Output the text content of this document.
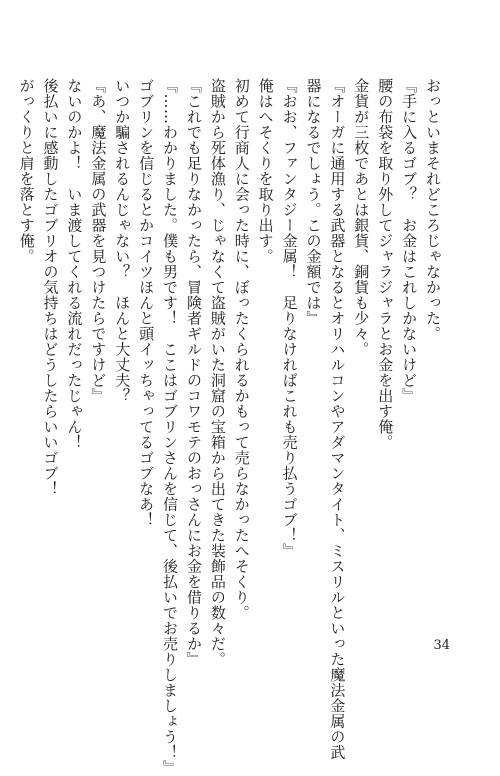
おっといまそれどころじゃなかった。
『手に入るゴブ？　お金はこれしかないけど』
腰の布袋を取り外してジャラジャラとお金を出す俺。
金貨が三枚であとは銀貨、銅貨も少々。
『オーガに通用する武器となるとオリハルコンやアダマンタイト、ミスリルといった魔法金属の武
器になるでしょう。この金額では』
『おお、ファンタジー金属！　足りなければこれも売り払うゴブ！』
俺はへそくりを取り出す。
初めて行商人に会った時に、ぼったくられるかもって売らなかったへそくり。
盗賊から死体漁り、じゃなくて盗賊がいた洞窟の宝箱から出てきた装飾品の数々だ。
『これでも足りなかったら、冒険者ギルドのコワモテのおっさんにお金を借りるか』
『……わかりました。僕も男です！　ここはゴブリンさんを信じて、後払いでお売りしましょう！』
ゴブリンを信じるとかコイツほんと頭イッちゃってるゴブなあ！
いつか騙されるんじゃない？　ほんと大丈夫？
『あ、魔法金属の武器を見つけたらですけど』
ないのかよ！　いま渡してくれる流れだったじゃん！
後払いに感動したゴブリオの気持ちはどうしたらいいゴブ！
がっくりと肩を落とす俺。
34
